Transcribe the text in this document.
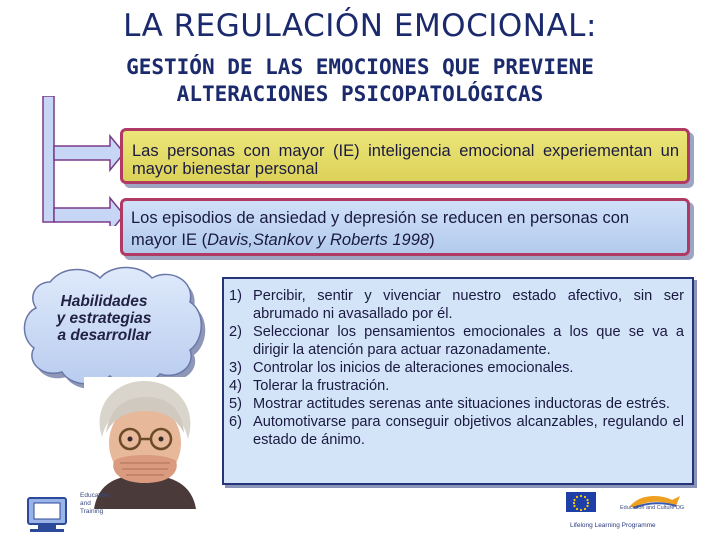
LA REGULACIÓN EMOCIONAL:
GESTIÓN DE LAS EMOCIONES QUE PREVIENE
ALTERACIONES PSICOPATOLÓGICAS
Las personas con mayor (IE) inteligencia emocional experiementan un mayor bienestar personal
Los episodios de ansiedad y depresión se reducen en personas con mayor IE (Davis,Stankov y Roberts 1998)
Habilidades
y estrategias
a desarrollar
1) Percibir, sentir y vivenciar nuestro estado afectivo, sin ser abrumado ni avasallado por él.
2) Seleccionar los pensamientos emocionales a los que se va a dirigir la atención para actuar razonadamente.
3) Controlar los inicios de alteraciones emocionales.
4) Tolerar la frustración.
5) Mostrar actitudes serenas ante situaciones inductoras de estrés.
6) Automotivarse para conseguir objetivos alcanzables, regulando el estado de ánimo.
Education
and
Training	Education and Culture DG
Lifelong Learning Programme
